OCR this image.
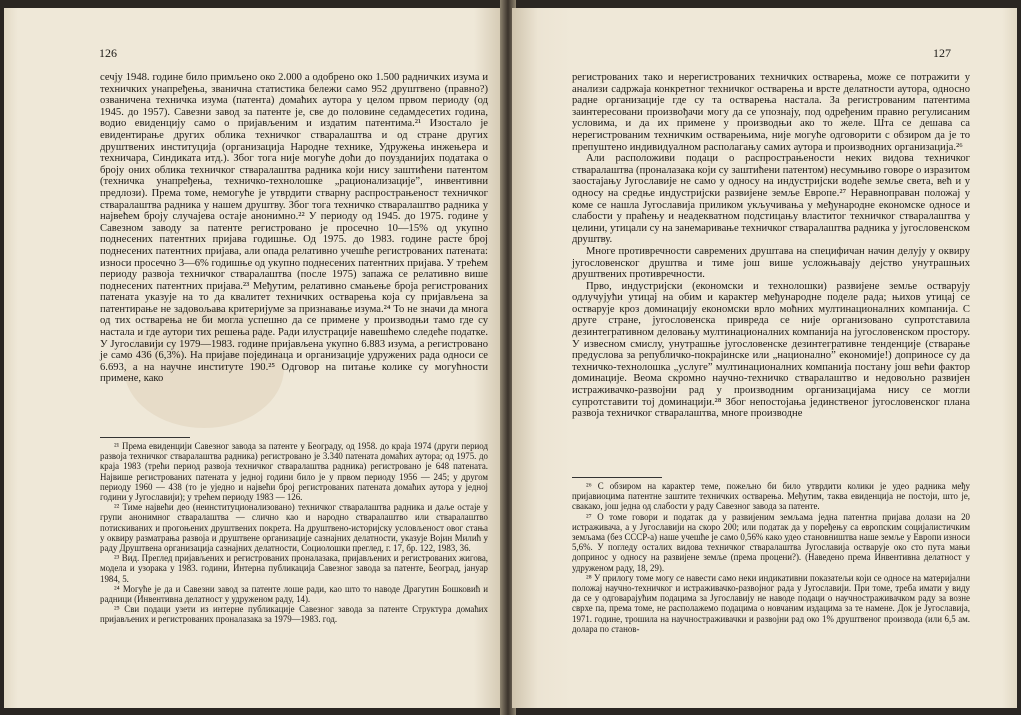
126

сечју 1948. године било примљено око 2.000 а одобрено око 1.500 радничких изума и техничких унапређења, званична статистика бележи само 952 друштвено (правно?) озваничена техничка изума (патента) домаћих аутора у целом првом периоду (од 1945. до 1957). Савезни завод за патенте је, све до половине седамдесетих година, водио евиденцију само о пријављеним и издатим патентима.²¹ Изостало је евидентирање других облика техничког стваралаштва и од стране других друштвених институција (организација Народне технике, Удружења инжењера и техничара, Синдиката итд.). Због тога није могуће доћи до поузданијих података о броју оних облика техничког стваралаштва радника који нису заштићени патентом (техничка унапређења, техничко-технолошке „рационализације”, инвентивни предлози). Према томе, немогуће је утврдити стварну распрострањеност техничког стваралаштва радника у нашем друштву. Због тога техничко стваралаштво радника у највећем броју случајева остаје анонимно.²² У периоду од 1945. до 1975. године у Савезном заводу за патенте регистровано је просечно 10—15% од укупно поднесених патентних пријава годишње. Од 1975. до 1983. године расте број поднесених патентних пријава, али опада релативно учешће регистрованих патената: износи просечно 3—6% годишње од укупно поднесених патентних пријава. У трећем периоду развоја техничког стваралаштва (после 1975) запажа се релативно више поднесених патентних пријава.²³ Међутим, релативно смањење броја регистрованих патената указује на то да квалитет техничких остварења која су пријављена за патентирање не задовољава критеријуме за признавање изума.²⁴ То не значи да многа од тих остварења не би могла успешно да се примене у производњи тамо где су настала и где аутори тих решења раде. Ради илустрације навешћемо следеће податке. У Југославији су 1979—1983. године пријављена укупно 6.883 изума, а регистровано је само 436 (6,3%). На пријаве појединаца и организације удружених рада односи се 6.693, а на научне институте 190.²⁵ Одговор на питање колике су могућности примене, како

²¹ Према евиденцији Савезног завода за патенте у Београду, од 1958. до краја 1974 (други период развоја техничког стваралаштва радника) регистровано је 3.340 патената домаћих аутора; од 1975. до краја 1983 (трећи период развоја техничког стваралаштва радника) регистровано је 648 патената. Највише регистрованих патената у једној години било је у првом периоду 1956 — 245; у другом периоду 1960 — 438 (то је уједно и највећи број регистрованих патената домаћих аутора у једној години у Југославији); у трећем периоду 1983 — 126.

²² Тиме највећи део (неинституционализовано) техничког стваралаштва радника и даље остаје у групи анонимног стваралаштва — слично као и народно стваралаштво или стваралаштво потискиваних и прогоњених друштвених покрета. На друштвено-историјску условљеност овог стања у оквиру разматрања развоја и друштвене организације сазнајних делатности, указује Војин Милић у раду Друштвена организација сазнајних делатности, Социолошки преглед, г. 17, бр. 122, 1983, 36.

²³ Вид. Преглед пријављених и регистрованих проналазака, пријављених и регистрованих жигова, модела и узорака у 1983. години, Интерна публикација Савезног завода за патенте, Београд, јануар 1984, 5.

²⁴ Могуће је да и Савезни завод за патенте лоше ради, као што то наводе Драгутин Бошковић и радници (Инвентивна делатност у удруженом раду, 14).

²⁵ Сви подаци узети из интерне публикације Савезног завода за патенте Структура домаћих пријављених и регистрованих проналазака за 1979—1983. год.

127

регистрованих тако и нерегистрованих техничких остварења, може се потражити у анализи садржаја конкретног техничког остварења и врсте делатности аутора, односно радне организације где су та остварења настала. За регистрованим патентима заинтересовани произвођачи могу да се упознају, под одређеним правно регулисаним условима, и да их примене у производњи ако то желе. Шта се дешава са нерегистрованим техничким остварењима, није могуће одговорити с обзиром да је то препуштено индивидуалном располагању самих аутора и производних организација.²⁶

Али расположиви подаци о распрострањености неких видова техничког стваралаштва (проналазака који су заштићени патентом) несумњиво говоре о изразитом заостајању Југославије не само у односу на индустријски водеће земље света, већ и у односу на средње индустријски развијене земље Европе.²⁷ Неравноправан положај у коме се нашла Југославија приликом укључивања у међународне економске односе и слабости у праћењу и неадекватном подстицању властитог техничког стваралаштва у целини, утицали су на занемаривање техничког стваралаштва радника у југословенском друштву.

Многе противречности савремених друштава на специфичан начин делују у оквиру југословенског друштва и тиме још више усложњавају дејство унутрашњих друштвених противречности.

Прво, индустријски (економски и технолошки) развијене земље остварују одлучујући утицај на обим и карактер међународне поделе рада; њихов утицај се остварује кроз доминацију економски врло моћних мултинационалних компанија. С друге стране, југословенска привреда се није организовано супротставила дезинтегративном деловању мултинационалних компанија на југословенском простору. У извесном смислу, унутрашње југословенске дезинтегративне тенденције (стварање предуслова за републичко-покрајинске или „национално” економије!) доприносе су да техничко-технолошка „услуге” мултинационалних компанија постану још већи фактор доминације. Веома скромно научно-техничко стваралаштво и недовољно развијен истраживачко-развојни рад у производним организацијама нису се могли супротставити тој доминацији.²⁸ Због непостојања јединственог југословенског плана развоја техничког стваралаштва, многе производне

²⁶ С обзиром на карактер теме, пожељно би било утврдити колики је удео радника међу пријавиоцима патентне заштите техничких остварења. Међутим, таква евиденција не постоји, што је, свакако, још једна од слабости у раду Савезног завода за патенте.

²⁷ О томе говори и податак да у развијеним земљама једна патентна пријава долази на 20 истраживача, а у Југославији на скоро 200; или податак да у поређењу са европским социјалистичким земљама (без СССР-а) наше учешће је само 0,56% како удео становништва наше земље у Европи износи 5,6%. У погледу осталих видова техничког стваралаштва Југославија остварује око сто пута мањи допринос у односу на развијене земље (према процени?). (Наведено према Инвентивна делатност у удруженом раду, 18, 29).

²⁸ У прилогу томе могу се навести само неки индикативни показатељи који се односе на материјални положај научно-техничког и истраживачко-развојног рада у Југославији. При томе, треба имати у виду да се у одговарајућим подацима за Југославију не наводе подаци о научностраживачком раду за возне сврхе па, према томе, не располажемо подацима о новчаним издацима за те намене. Док је Југославија, 1971. године, трошила на научностраживачки и развојни рад око 1% друштвеног производа (или 6,5 ам. долара по станов-
